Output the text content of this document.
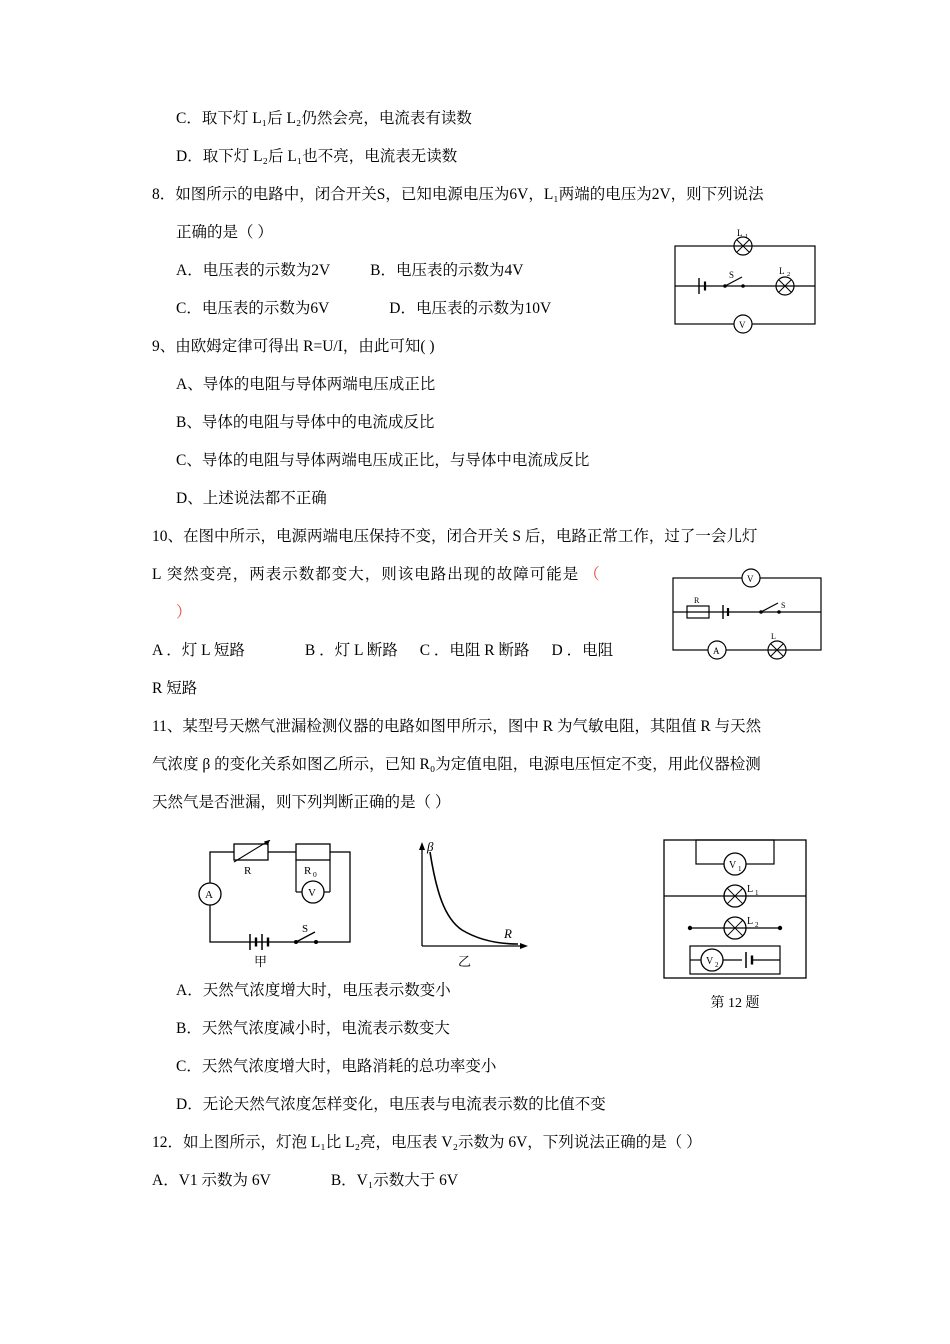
C．取下灯 L₁后 L₂仍然会亮，电流表有读数
D．取下灯 L₂后 L₁也不亮，电流表无读数
8．如图所示的电路中，闭合开关S，已知电源电压为6V，L₁两端的电压为2V，则下列说法
正确的是（ ）
A．电压表的示数为2V	B．电压表的示数为4V
C．电压表的示数为6V	D．电压表的示数为10V
9、由欧姆定律可得出 R=U/I，由此可知( )
A、导体的电阻与导体两端电压成正比
B、导体的电阻与导体中的电流成反比
C、导体的电阻与导体两端电压成正比，与导体中电流成反比
D、上述说法都不正确
10、在图中所示，电源两端电压保持不变，闭合开关 S 后，电路正常工作，过了一会儿灯
L 突然变亮，两表示数都变大，则该电路出现的故障可能是 （
）
A ．灯 L 短路	B ．灯 L 断路 C ．电阻 R 断路 D ．电阻
R 短路
11、某型号天燃气泄漏检测仪器的电路如图甲所示，图中 R 为气敏电阻，其阻值 R 与天然
气浓度 β 的变化关系如图乙所示，已知 R₀为定值电阻，电源电压恒定不变，用此仪器检测
天然气是否泄漏，则下列判断正确的是（ ）
A．天然气浓度增大时，电压表示数变小
B．天然气浓度减小时，电流表示数变大
C．天然气浓度增大时，电路消耗的总功率变小
D．无论天然气浓度怎样变化，电压表与电流表示数的比值不变
12．如上图所示，灯泡 L₁比 L₂亮，电压表 V₂示数为 6V，下列说法正确的是（ ）
A．V1 示数为 6V	B．V₁示数大于 6V
L 1
S	L 2
V
V
R
S
A
L
R	R 0
A	V
S
甲
β
R
乙
V 1
L 1
L 2
V 2
第 12 题
